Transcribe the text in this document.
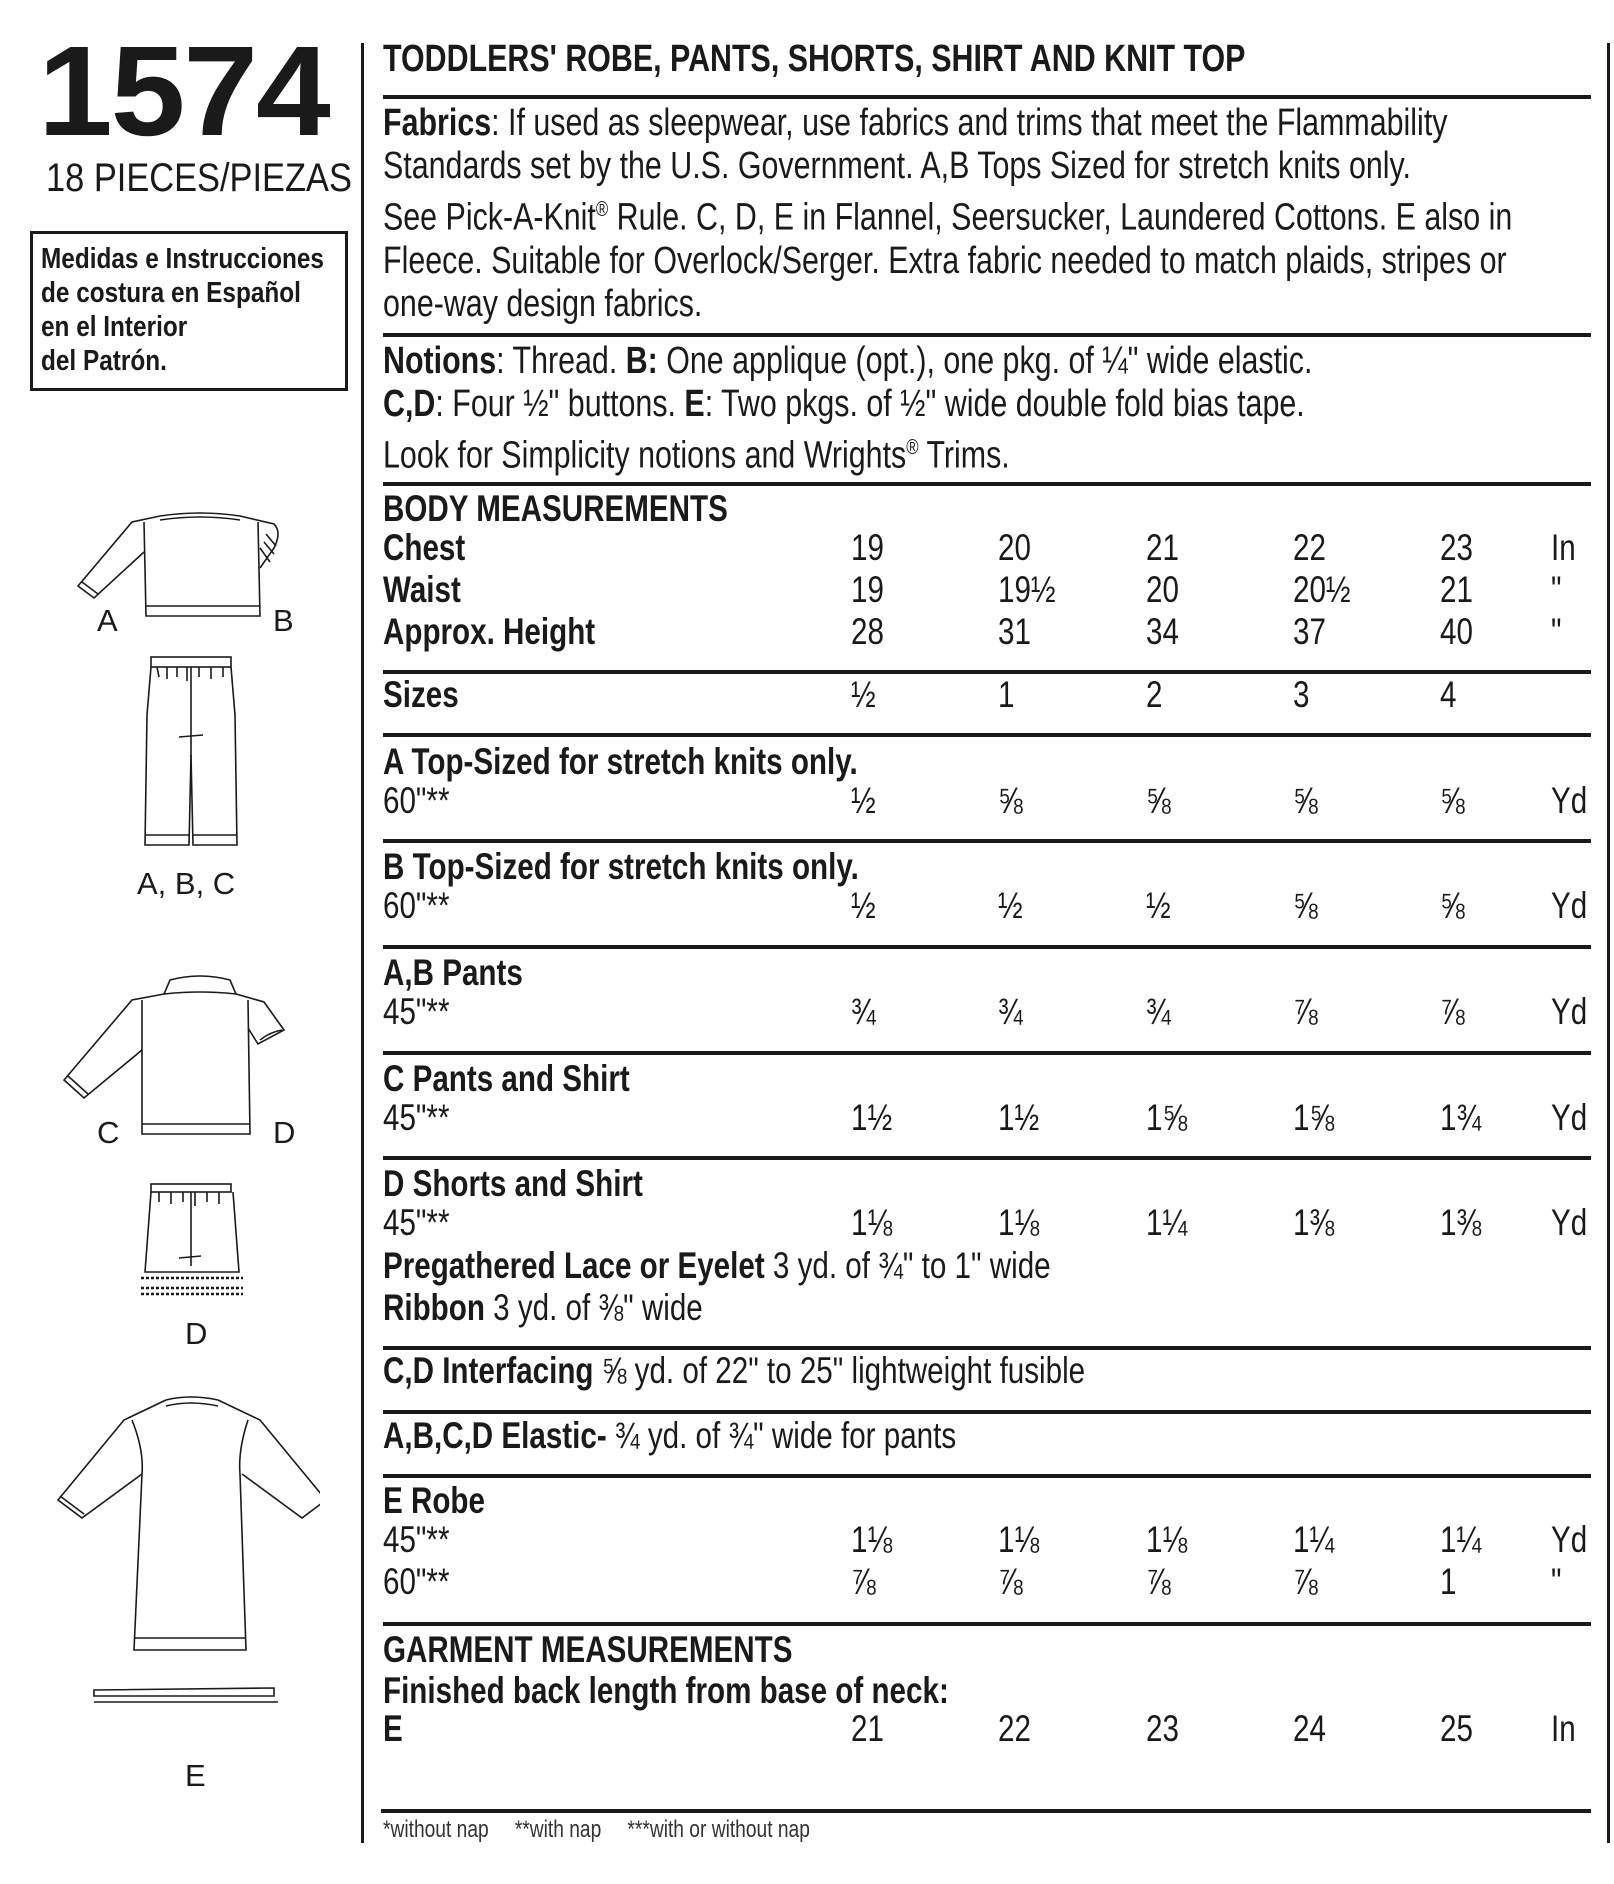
1574
18 PIECES/PIEZAS
Medidas e Instrucciones
de costura en Español
en el Interior
del Patrón.
A	B
A, B, C
C	D
D
E
TODDLERS' ROBE, PANTS, SHORTS, SHIRT AND KNIT TOP
Fabrics: If used as sleepwear, use fabrics and trims that meet the Flammability
Standards set by the U.S. Government. A,B Tops Sized for stretch knits only.
See Pick-A-Knit® Rule. C, D, E in Flannel, Seersucker, Laundered Cottons. E also in
Fleece. Suitable for Overlock/Serger. Extra fabric needed to match plaids, stripes or
one-way design fabrics.
Notions: Thread. B: One applique (opt.), one pkg. of ¼" wide elastic.
C,D: Four ½" buttons. E: Two pkgs. of ½" wide double fold bias tape.
Look for Simplicity notions and Wrights® Trims.
BODY MEASUREMENTS
Chest	19	20	21	22	23 In
Waist	19	19½ 20	20½ 21 "
Approx. Height	28	31	34	37	40 "
Sizes	½	1	2	3	4
A Top-Sized for stretch knits only.
60"**	½	⅝	⅝	⅝	⅝ Yd
B Top-Sized for stretch knits only.
60"**	½	½	½	⅝	⅝ Yd
A,B Pants
45"**	¾	¾	¾	⅞	⅞ Yd
C Pants and Shirt
45"**	1½	1½	1⅝	1⅝	1¾ Yd
D Shorts and Shirt
45"**	1⅛	1⅛	1¼	1⅜	1⅜ Yd
Pregathered Lace or Eyelet 3 yd. of ¾" to 1" wide
Ribbon 3 yd. of ⅜" wide
C,D Interfacing ⅝ yd. of 22" to 25" lightweight fusible
A,B,C,D Elastic- ¾ yd. of ¾" wide for pants
E Robe
45"**	1⅛	1⅛	1⅛	1¼	1¼ Yd
60"**	⅞	⅞	⅞	⅞	1	"
GARMENT MEASUREMENTS
Finished back length from base of neck:
E	21	22	23	24	25 In
*without nap **with nap ***with or without nap
